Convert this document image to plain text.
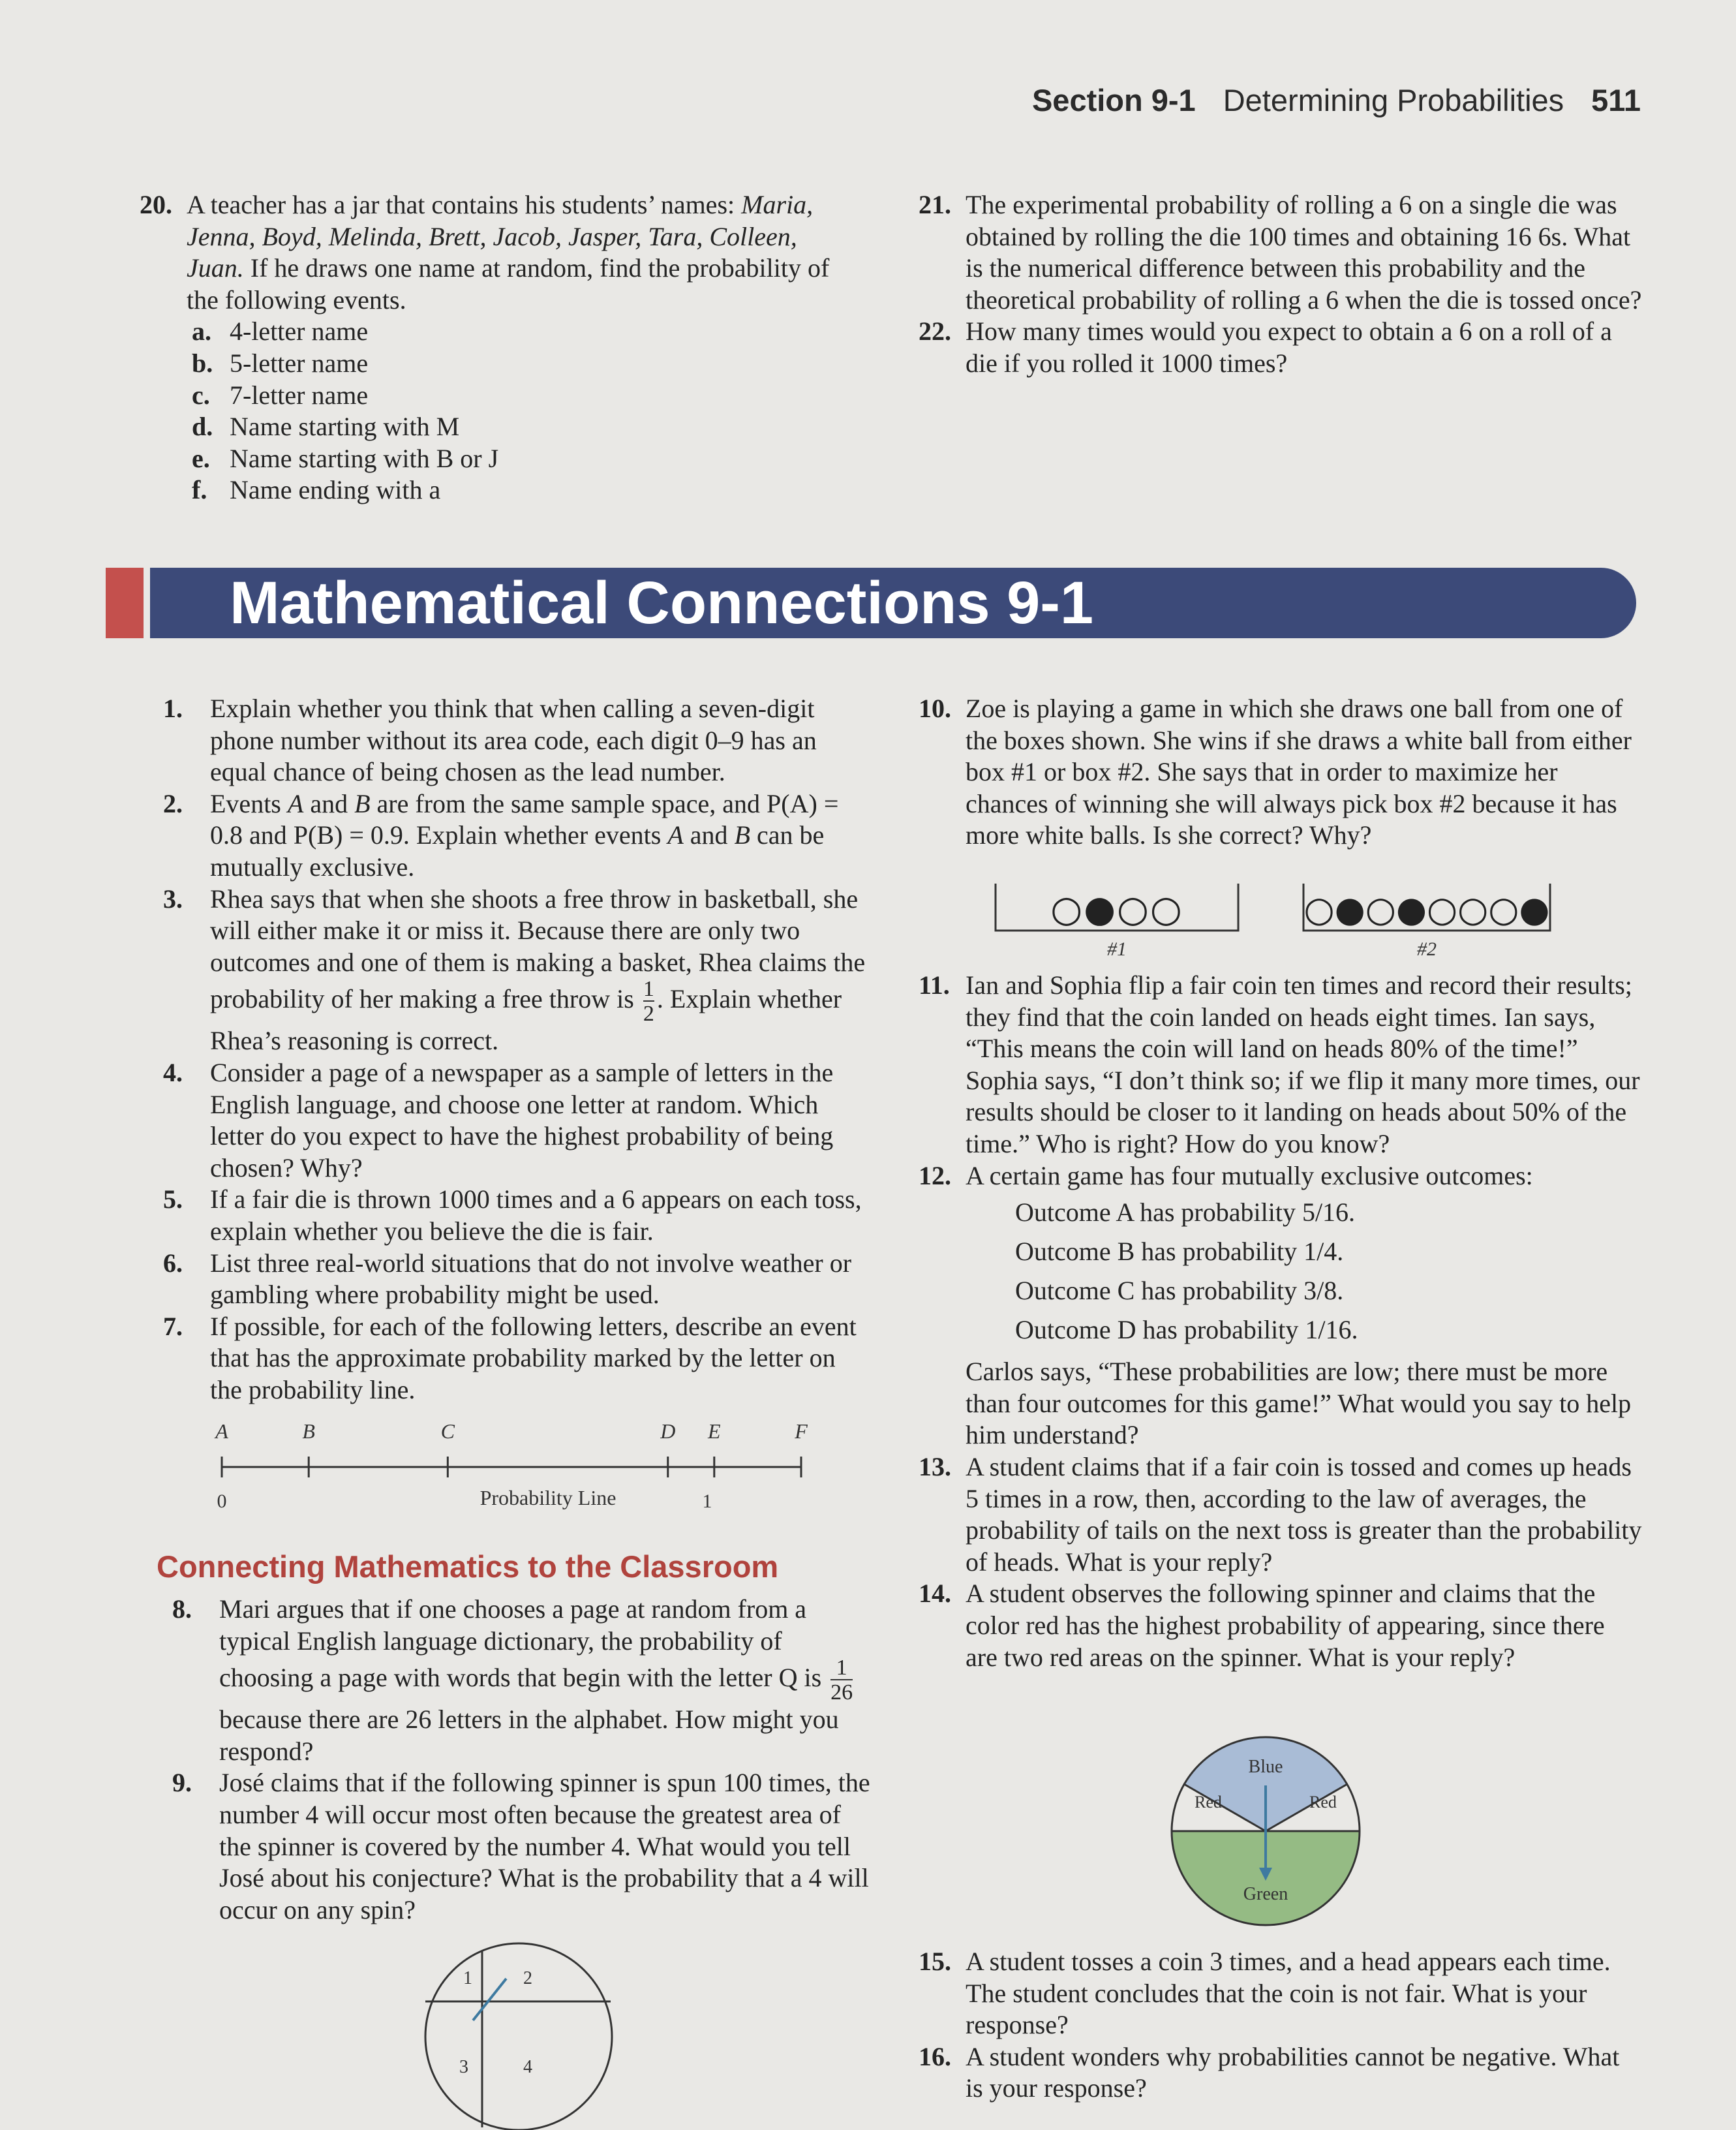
Section 9-1 Determining Probabilities 511
20. A teacher has a jar that contains his students’ names: Maria, Jenna, Boyd, Melinda, Brett, Jacob, Jasper, Tara, Colleen, Juan. If he draws one name at random, find the probability of the following events.
a. 4-letter name
b. 5-letter name
c. 7-letter name
d. Name starting with M
e. Name starting with B or J
f. Name ending with a
21. The experimental probability of rolling a 6 on a single die was obtained by rolling the die 100 times and obtaining 16 6s. What is the numerical difference between this probability and the theoretical probability of rolling a 6 when the die is tossed once?
22. How many times would you expect to obtain a 6 on a roll of a die if you rolled it 1000 times?
Mathematical Connections 9-1
1. Explain whether you think that when calling a seven-digit phone number without its area code, each digit 0–9 has an equal chance of being chosen as the lead number.
2. Events A and B are from the same sample space, and P(A) = 0.8 and P(B) = 0.9. Explain whether events A and B can be mutually exclusive.
3. Rhea says that when she shoots a free throw in basketball, she will either make it or miss it. Because there are only two outcomes and one of them is making a basket, Rhea claims the probability of her making a free throw is $\frac{1}{2}$ . Explain whether Rhea’s reasoning is correct.
4. Consider a page of a newspaper as a sample of letters in the English language, and choose one letter at random. Which letter do you expect to have the highest probability of being chosen? Why?
5. If a fair die is thrown 1000 times and a 6 appears on each toss, explain whether you believe the die is fair.
6. List three real-world situations that do not involve weather or gambling where probability might be used.
7. If possible, for each of the following letters, describe an event that has the approximate probability marked by the letter on the probability line.
A	B	C	D E	F
0	1
Probability Line
Connecting Mathematics to the Classroom
8. Mari argues that if one chooses a page at random from a typical English language dictionary, the probability of choosing a page with words that begin with the letter Q is $\frac{1}{26}$
because there are 26 letters in the alphabet. How might you respond?
9. José claims that if the following spinner is spun 100 times, the number 4 will occur most often because the greatest area of the spinner is covered by the number 4. What would you tell José about his conjecture? What is the probability that a 4 will occur on any spin?
1	2
3	4
10. Zoe is playing a game in which she draws one ball from one of the boxes shown. She wins if she draws a white ball from either box #1 or box #2. She says that in order to maximize her chances of winning she will always pick box #2 because it has more white balls. Is she correct? Why?
○●○○
#1
○●○●○○○●
#2
11. Ian and Sophia flip a fair coin ten times and record their results; they find that the coin landed on heads eight times. Ian says, “This means the coin will land on heads 80% of the time!” Sophia says, “I don’t think so; if we flip it many more times, our results should be closer to it landing on heads about 50% of the time.” Who is right? How do you know?
12. A certain game has four mutually exclusive outcomes:
Outcome A has probability 5/16.
Outcome B has probability 1/4.
Outcome C has probability 3/8.
Outcome D has probability 1/16.
Carlos says, “These probabilities are low; there must be more than four outcomes for this game!” What would you say to help him understand?
13. A student claims that if a fair coin is tossed and comes up heads 5 times in a row, then, according to the law of averages, the probability of tails on the next toss is greater than the probability of heads. What is your reply?
14. A student observes the following spinner and claims that the color red has the highest probability of appearing, since there are two red areas on the spinner. What is your reply?
Blue
Red	Red
Green
15. A student tosses a coin 3 times, and a head appears each time. The student concludes that the coin is not fair. What is your response?
16. A student wonders why probabilities cannot be negative. What is your response?
